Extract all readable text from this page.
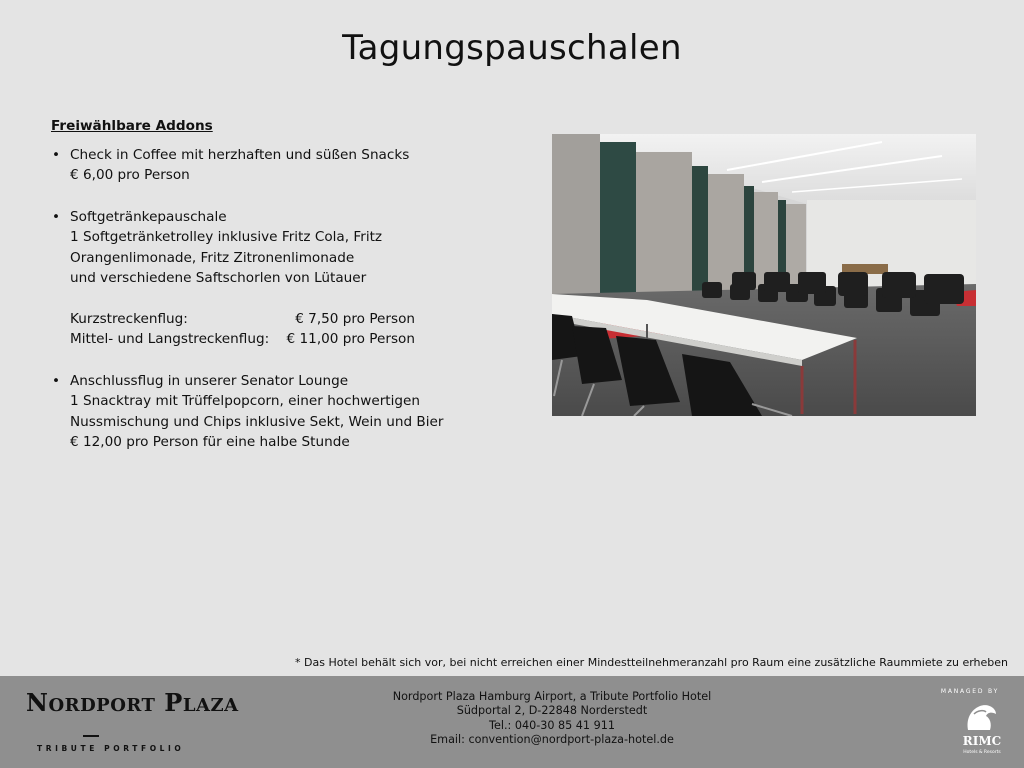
Tagungspauschalen
Freiwählbare Addons
• Check in Coffee mit herzhaften und süßen Snacks
€ 6,00 pro Person
• Softgetränkepauschale
1 Softgetränketrolley inklusive Fritz Cola, Fritz
Orangenlimonade, Fritz Zitronenlimonade
und verschiedene Saftschorlen von Lütauer
Kurzstreckenflug:	€ 7,50 pro Person
Mittel- und Langstreckenflug:	€ 11,00 pro Person
• Anschlussflug in unserer Senator Lounge
1 Snacktray mit Trüffelpopcorn, einer hochwertigen
Nussmischung und Chips inklusive Sekt, Wein und Bier
€ 12,00 pro Person für eine halbe Stunde
* Das Hotel behält sich vor, bei nicht erreichen einer Mindestteilnehmeranzahl pro Raum eine zusätzliche Raummiete zu erheben
NORDPORT PLAZA
TRIBUTE PORTFOLIO
Nordport Plaza Hamburg Airport, a Tribute Portfolio Hotel
Südportal 2, D-22848 Norderstedt
Tel.: 040-30 85 41 911
Email: convention@nordport-plaza-hotel.de
MANAGED BY
RIMC
Hotels & Resorts
